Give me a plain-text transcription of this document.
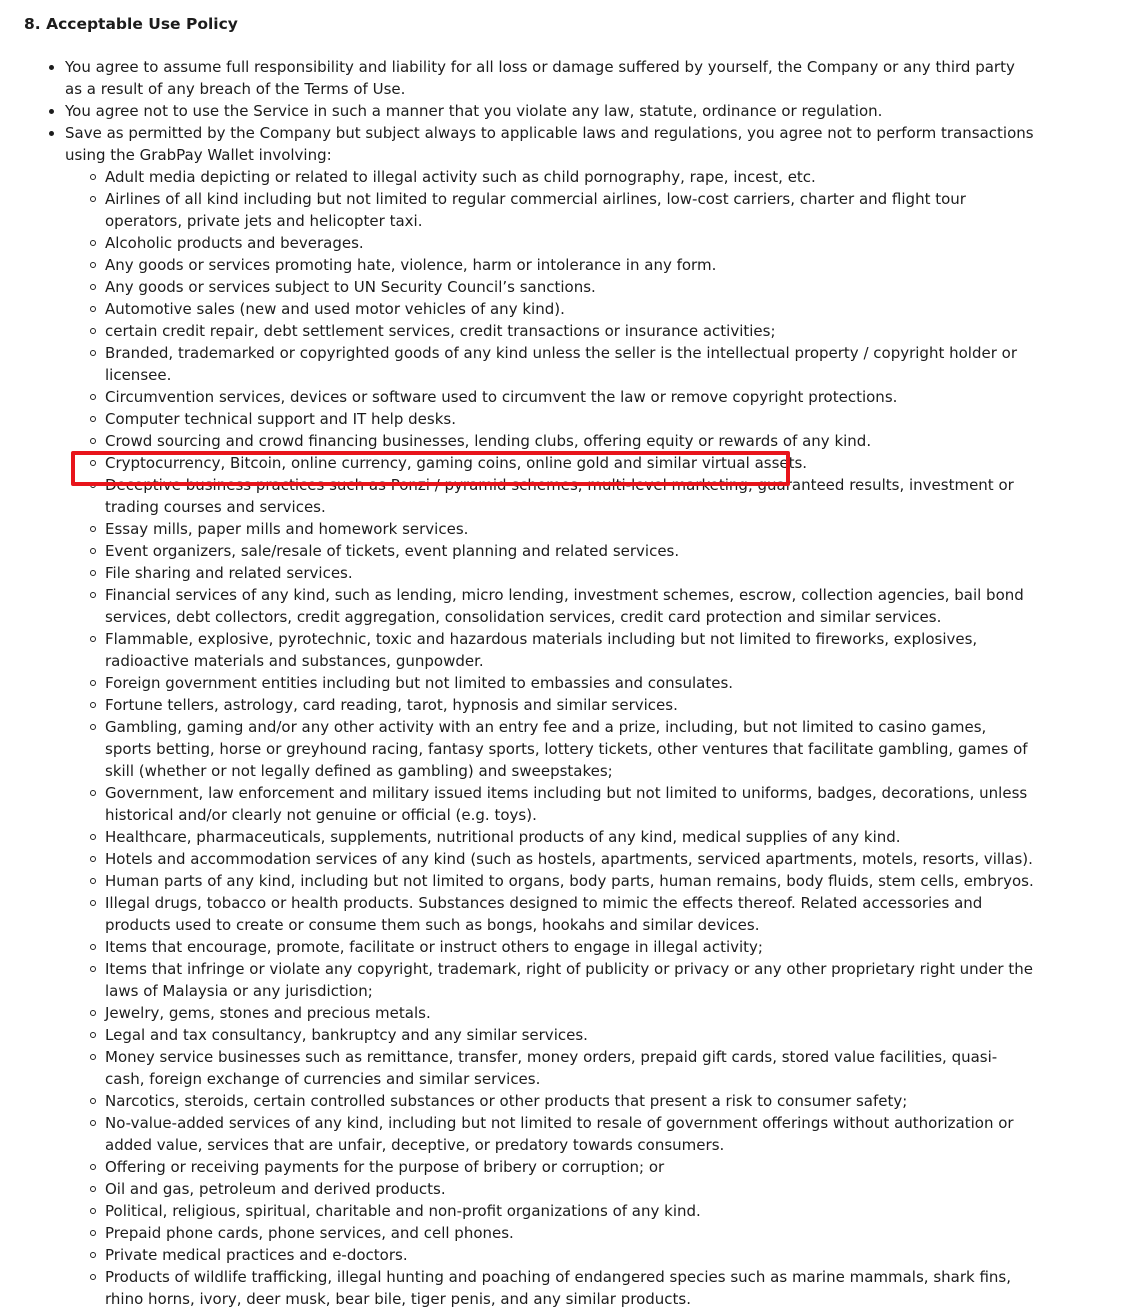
8. Acceptable Use Policy
You agree to assume full responsibility and liability for all loss or damage suffered by yourself, the Company or any third party as a result of any breach of the Terms of Use.
You agree not to use the Service in such a manner that you violate any law, statute, ordinance or regulation.
Save as permitted by the Company but subject always to applicable laws and regulations, you agree not to perform transactions using the GrabPay Wallet involving:
Adult media depicting or related to illegal activity such as child pornography, rape, incest, etc.
Airlines of all kind including but not limited to regular commercial airlines, low-cost carriers, charter and flight tour operators, private jets and helicopter taxi.
Alcoholic products and beverages.
Any goods or services promoting hate, violence, harm or intolerance in any form.
Any goods or services subject to UN Security Council’s sanctions.
Automotive sales (new and used motor vehicles of any kind).
certain credit repair, debt settlement services, credit transactions or insurance activities;
Branded, trademarked or copyrighted goods of any kind unless the seller is the intellectual property / copyright holder or licensee.
Circumvention services, devices or software used to circumvent the law or remove copyright protections.
Computer technical support and IT help desks.
Crowd sourcing and crowd financing businesses, lending clubs, offering equity or rewards of any kind.
Cryptocurrency, Bitcoin, online currency, gaming coins, online gold and similar virtual assets.
Deceptive business practices such as Ponzi / pyramid schemes, multi-level marketing, guaranteed results, investment or trading courses and services.
Essay mills, paper mills and homework services.
Event organizers, sale/resale of tickets, event planning and related services.
File sharing and related services.
Financial services of any kind, such as lending, micro lending, investment schemes, escrow, collection agencies, bail bond services, debt collectors, credit aggregation, consolidation services, credit card protection and similar services.
Flammable, explosive, pyrotechnic, toxic and hazardous materials including but not limited to fireworks, explosives, radioactive materials and substances, gunpowder.
Foreign government entities including but not limited to embassies and consulates.
Fortune tellers, astrology, card reading, tarot, hypnosis and similar services.
Gambling, gaming and/or any other activity with an entry fee and a prize, including, but not limited to casino games, sports betting, horse or greyhound racing, fantasy sports, lottery tickets, other ventures that facilitate gambling, games of skill (whether or not legally defined as gambling) and sweepstakes;
Government, law enforcement and military issued items including but not limited to uniforms, badges, decorations, unless historical and/or clearly not genuine or official (e.g. toys).
Healthcare, pharmaceuticals, supplements, nutritional products of any kind, medical supplies of any kind.
Hotels and accommodation services of any kind (such as hostels, apartments, serviced apartments, motels, resorts, villas).
Human parts of any kind, including but not limited to organs, body parts, human remains, body fluids, stem cells, embryos.
Illegal drugs, tobacco or health products. Substances designed to mimic the effects thereof. Related accessories and products used to create or consume them such as bongs, hookahs and similar devices.
Items that encourage, promote, facilitate or instruct others to engage in illegal activity;
Items that infringe or violate any copyright, trademark, right of publicity or privacy or any other proprietary right under the laws of Malaysia or any jurisdiction;
Jewelry, gems, stones and precious metals.
Legal and tax consultancy, bankruptcy and any similar services.
Money service businesses such as remittance, transfer, money orders, prepaid gift cards, stored value facilities, quasi-cash, foreign exchange of currencies and similar services.
Narcotics, steroids, certain controlled substances or other products that present a risk to consumer safety;
No-value-added services of any kind, including but not limited to resale of government offerings without authorization or added value, services that are unfair, deceptive, or predatory towards consumers.
Offering or receiving payments for the purpose of bribery or corruption; or
Oil and gas, petroleum and derived products.
Political, religious, spiritual, charitable and non-profit organizations of any kind.
Prepaid phone cards, phone services, and cell phones.
Private medical practices and e-doctors.
Products of wildlife trafficking, illegal hunting and poaching of endangered species such as marine mammals, shark fins, rhino horns, ivory, deer musk, bear bile, tiger penis, and any similar products.
